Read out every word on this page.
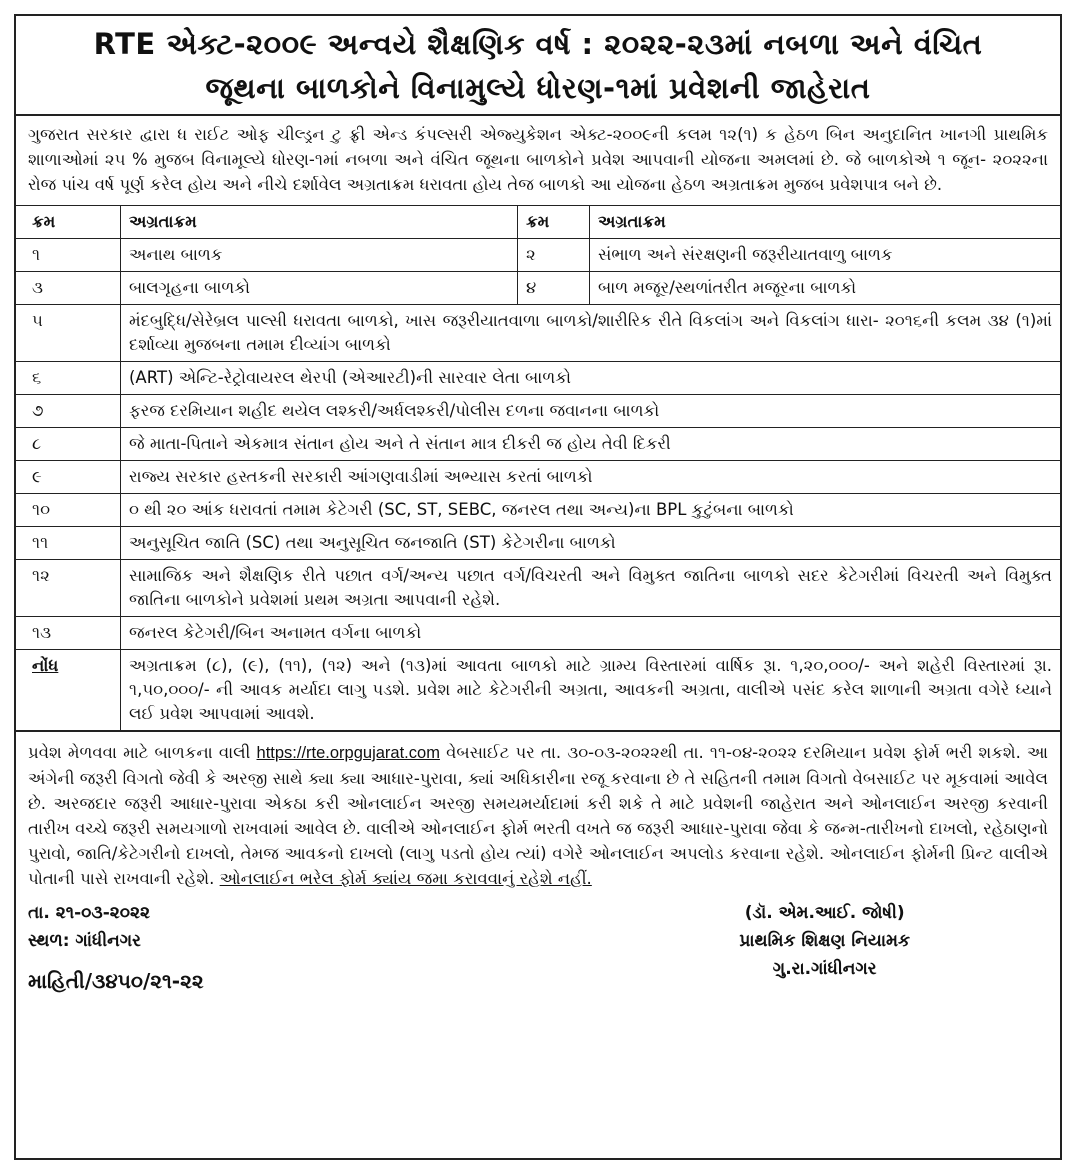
RTE એક્ટ-૨૦૦૯ અન્વયે શૈક્ષણિક વર્ષ : ૨૦૨૨-૨૩માં નબળા અને વંચિત
જૂથના બાળકોને વિનામુલ્યે ધોરણ-૧માં પ્રવેશની જાહેરાત
ગુજરાત સરકાર દ્વારા ધ રાઈટ ઓફ ચીલ્ડ્રન ટુ ફ્રી એન્ડ કંપલ્સરી એજ્યુકેશન એક્ટ-૨૦૦૯ની કલમ ૧૨(૧) ક હેઠળ બિન અનુદાનિત ખાનગી પ્રાથમિક શાળાઓમાં ૨૫ % મુજબ વિનામૂલ્યે ધોરણ-૧માં નબળા અને વંચિત જૂથના બાળકોને પ્રવેશ આપવાની યોજના અમલમાં છે. જે બાળકોએ ૧ જૂન- ૨૦૨૨ના રોજ પાંચ વર્ષ પૂર્ણ કરેલ હોય અને નીચે દર્શાવેલ અગ્રતાક્રમ ધરાવતા હોય તેજ બાળકો આ યોજના હેઠળ અગ્રતાક્રમ મુજબ પ્રવેશપાત્ર બને છે.
ક્રમ	અગ્રતાક્રમ	ક્રમ	અગ્રતાક્રમ
૧	અનાથ બાળક	૨	સંભાળ અને સંરક્ષણની જરૂરીયાતવાળુ બાળક
૩	બાલગૃહના બાળકો	૪	બાળ મજૂર/સ્થળાંતરીત મજૂરના બાળકો
૫	મંદબુદ્ધિ/સેરેબ્રલ પાલ્સી ધરાવતા બાળકો, ખાસ જરૂરીયાતવાળા બાળકો/શારીરિક રીતે વિકલાંગ અને વિકલાંગ ધારા- ૨૦૧૬ની કલમ ૩૪ (૧)માં દર્શાવ્યા મુજબના તમામ દીવ્યાંગ બાળકો		
૬	(ART) એન્ટિ-રેટ્રોવાયરલ થેરપી (એઆરટી)ની સારવાર લેતા બાળકો		
૭	ફરજ દરમિયાન શહીદ થયેલ લશ્કરી/અર્ધલશ્કરી/પોલીસ દળના જવાનના બાળકો		
૮	જે માતા-પિતાને એકમાત્ર સંતાન હોય અને તે સંતાન માત્ર દીકરી જ હોય તેવી દિકરી		
૯	રાજ્ય સરકાર હસ્તકની સરકારી આંગણવાડીમાં અભ્યાસ કરતાં બાળકો		
૧૦	૦ થી ૨૦ આંક ધરાવતાં તમામ કેટેગરી (SC, ST, SEBC, જનરલ તથા અન્ય)ના BPL કુટુંબના બાળકો		
૧૧	અનુસૂચિત જાતિ (SC) તથા અનુસૂચિત જનજાતિ (ST) કેટેગરીના બાળકો		
૧૨	સામાજિક અને શૈક્ષણિક રીતે પછાત વર્ગ/અન્ય પછાત વર્ગ/વિચરતી અને વિમુક્ત જાતિના બાળકો સદર કેટેગરીમાં વિચરતી અને વિમુક્ત જાતિના બાળકોને પ્રવેશમાં પ્રથમ અગ્રતા આપવાની રહેશે.		
૧૩	જનરલ કેટેગરી/બિન અનામત વર્ગના બાળકો		
નોંધ	અગ્રતાક્રમ (૮), (૯), (૧૧), (૧૨) અને (૧૩)માં આવતા બાળકો માટે ગ્રામ્ય વિસ્તારમાં વાર્ષિક રૂા. ૧,૨૦,૦૦૦/- અને શહેરી વિસ્તારમાં રૂા. ૧,૫૦,૦૦૦/- ની આવક મર્યાદા લાગુ પડશે. પ્રવેશ માટે કેટેગરીની અગ્રતા, આવકની અગ્રતા, વાલીએ પસંદ કરેલ શાળાની અગ્રતા વગેરે ધ્યાને લઈ પ્રવેશ આપવામાં આવશે.		
પ્રવેશ મેળવવા માટે બાળકના વાલી https://rte.orpgujarat.com વેબસાઈટ પર તા. ૩૦-૦૩-૨૦૨૨થી તા. ૧૧-૦૪-૨૦૨૨ દરમિયાન પ્રવેશ ફોર્મ ભરી શકશે. આ અંગેની જરૂરી વિગતો જેવી કે અરજી સાથે ક્યા ક્યા આધાર-પુરાવા, ક્યાં અધિકારીના રજૂ કરવાના છે તે સહિતની તમામ વિગતો વેબસાઈટ પર મૂકવામાં આવેલ છે. અરજદાર જરૂરી આધાર-પુરાવા એકઠા કરી ઓનલાઈન અરજી સમયમર્યાદામાં કરી શકે તે માટે પ્રવેશની જાહેરાત અને ઓનલાઈન અરજી કરવાની તારીખ વચ્ચે જરૂરી સમયગાળો રાખવામાં આવેલ છે. વાલીએ ઓનલાઈન ફોર્મ ભરતી વખતે જ જરૂરી આધાર-પુરાવા જેવા કે જન્મ-તારીખનો દાખલો, રહેઠાણનો પુરાવો, જાતિ/કેટેગરીનો દાખલો, તેમજ આવકનો દાખલો (લાગુ પડતો હોય ત્યાં) વગેરે ઓનલાઈન અપલોડ કરવાના રહેશે. ઓનલાઈન ફોર્મની પ્રિન્ટ વાલીએ પોતાની પાસે રાખવાની રહેશે. ઓનલાઈન ભરેલ ફોર્મ ક્યાંય જમા કરાવવાનું રહેશે નહીં.
તા. ૨૧-૦૩-૨૦૨૨
સ્થળ: ગાંધીનગર
માહિતી/૩૪૫૦/૨૧-૨૨
(ડૉ. એમ.આઈ. જોષી)
પ્રાથમિક શિક્ષણ નિયામક
ગુ.રા.ગાંધીનગર
